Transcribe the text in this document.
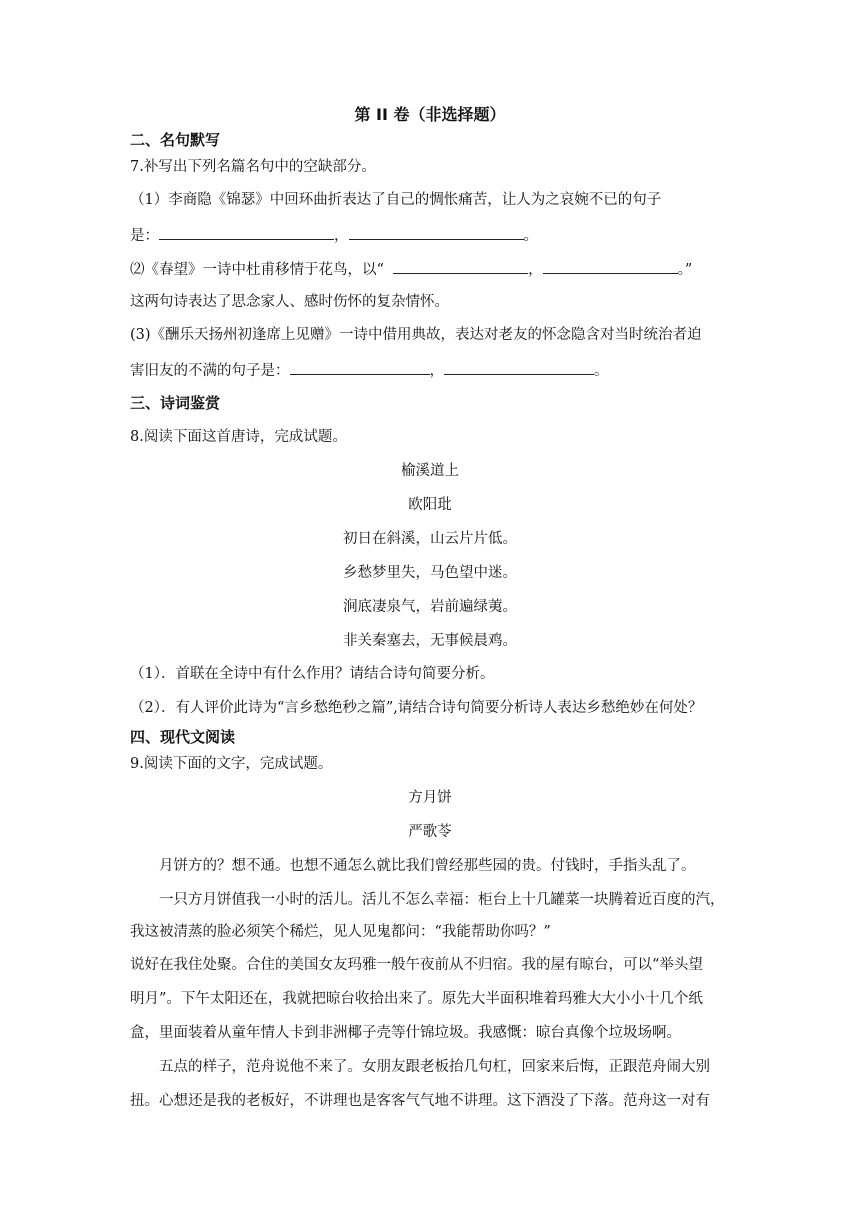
第 II 卷（非选择题）
二、名句默写
7.补写出下列名篇名句中的空缺部分。
（1）李商隐《锦瑟》中回环曲折表达了自己的惆怅痛苦，让人为之哀婉不已的句子
是：	，	。
⑵《春望》一诗中杜甫移情于花鸟，以“	，	。”
这两句诗表达了思念家人、感时伤怀的复杂情怀。
(3)《酬乐天扬州初逢席上见赠》一诗中借用典故，表达对老友的怀念隐含对当时统治者迫
害旧友的不满的句子是：	，	。
三、诗词鉴赏
8.阅读下面这首唐诗，完成试题。
榆溪道上
欧阳玭
初日在斜溪，山云片片低。
乡愁梦里失，马色望中迷。
涧底凄泉气，岩前遍绿荑。
非关秦塞去，无事候晨鸡。
（1）．首联在全诗中有什么作用？请结合诗句简要分析。
（2）．有人评价此诗为“言乡愁绝秒之篇”,请结合诗句简要分析诗人表达乡愁绝妙在何处？
四、现代文阅读
9.阅读下面的文字，完成试题。
方月饼
严歌苓
月饼方的？想不通。也想不通怎么就比我们曾经那些园的贵。付钱时，手指头乱了。
一只方月饼值我一小时的活儿。活儿不怎么幸福：柜台上十几罐菜一块腾着近百度的汽，
我这被清蒸的脸必须笑个稀烂，见人见鬼都问：“我能帮助你吗？”
说好在我住处聚。合住的美国女友玛雅一般午夜前从不归宿。我的屋有晾台，可以“举头望
明月”。下午太阳还在，我就把晾台收拾出来了。原先大半面积堆着玛雅大大小小十几个纸
盒，里面装着从童年情人卡到非洲椰子壳等什锦垃圾。我感慨：晾台真像个垃圾场啊。
五点的样子，范舟说他不来了。女朋友跟老板抬几句杠，回家来后悔，正跟范舟闹大别
扭。心想还是我的老板好，不讲理也是客客气气地不讲理。这下酒没了下落。范舟这一对有
